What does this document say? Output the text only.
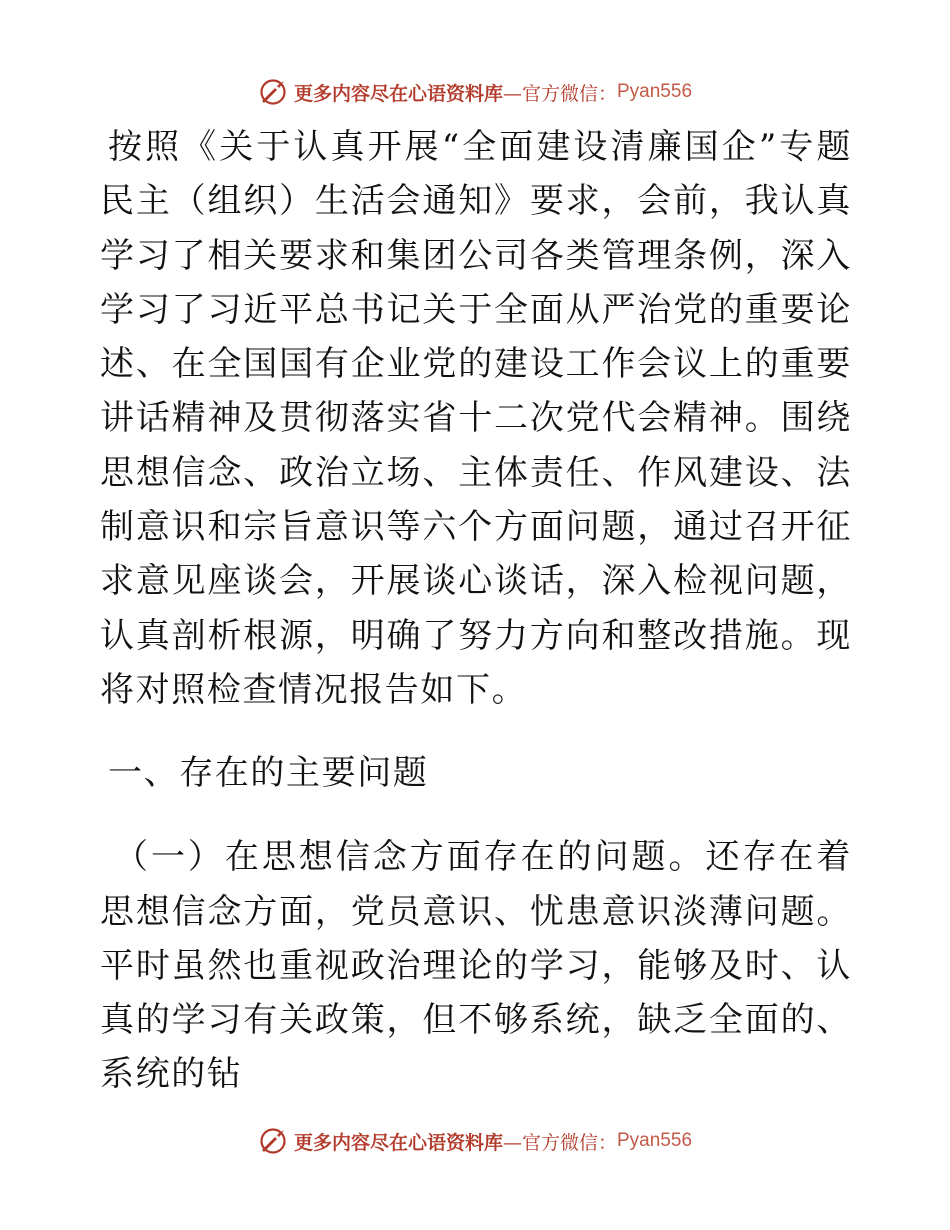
更多内容尽在心语资料库 —官方微信： Pyan556

按照《关于认真开展“全面建设清廉国企”专题民主（组织）生活会通知》要求，会前，我认真学习了相关要求和集团公司各类管理条例，深入学习了习近平总书记关于全面从严治党的重要论述、在全国国有企业党的建设工作会议上的重要讲话精神及贯彻落实省十二次党代会精神。围绕思想信念、政治立场、主体责任、作风建设、法制意识和宗旨意识等六个方面问题，通过召开征求意见座谈会，开展谈心谈话，深入检视问题，认真剖析根源，明确了努力方向和整改措施。现将对照检查情况报告如下。

一、存在的主要问题

（一）在思想信念方面存在的问题。还存在着思想信念方面，党员意识、忧患意识淡薄问题。平时虽然也重视政治理论的学习，能够及时、认真的学习有关政策，但不够系统，缺乏全面的、系统的钻

更多内容尽在心语资料库 —官方微信： Pyan556
